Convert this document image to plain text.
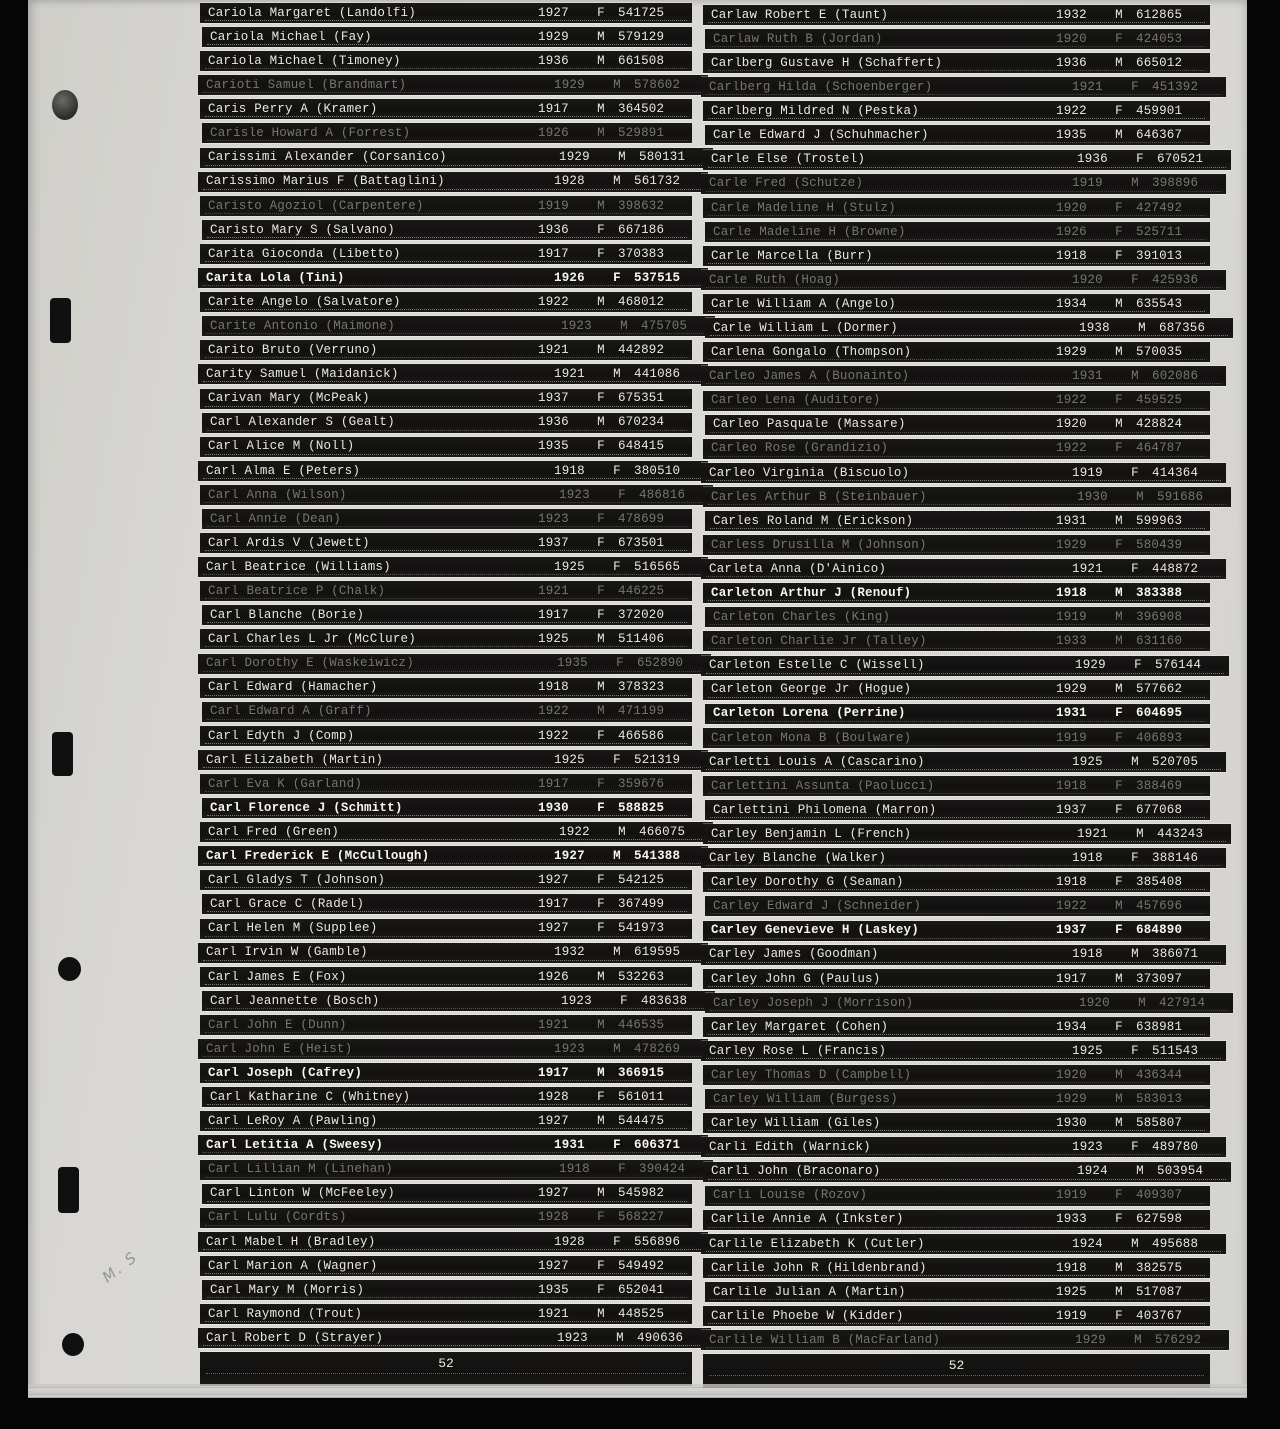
M. S
Cariola Margaret (Landolfi)	1927	F	541725
Cariola Michael (Fay)	1929	M	579129
Cariola Michael (Timoney)	1936	M	661508
Carioti Samuel (Brandmart)	1929	M	578602
Caris Perry A (Kramer)	1917	M	364502
Carisle Howard A (Forrest)	1926	M	529891
Carissimi Alexander (Corsanico)	1929	M	580131
Carissimo Marius F (Battaglini)	1928	M	561732
Caristo Agoziol (Carpentere)	1919	M	398632
Caristo Mary S (Salvano)	1936	F	667186
Carita Gioconda (Libetto)	1917	F	370383
Carita Lola (Tini)	1926	F	537515
Carite Angelo (Salvatore)	1922	M	468012
Carite Antonio (Maimone)	1923	M	475705
Carito Bruto (Verruno)	1921	M	442892
Carity Samuel (Maidanick)	1921	M	441086
Carivan Mary (McPeak)	1937	F	675351
Carl Alexander S (Gealt)	1936	M	670234
Carl Alice M (Noll)	1935	F	648415
Carl Alma E (Peters)	1918	F	380510
Carl Anna (Wilson)	1923	F	486816
Carl Annie (Dean)	1923	F	478699
Carl Ardis V (Jewett)	1937	F	673501
Carl Beatrice (Williams)	1925	F	516565
Carl Beatrice P (Chalk)	1921	F	446225
Carl Blanche (Borie)	1917	F	372020
Carl Charles L Jr (McClure)	1925	M	511406
Carl Dorothy E (Waskeiwicz)	1935	F	652890
Carl Edward (Hamacher)	1918	M	378323
Carl Edward A (Graff)	1922	M	471199
Carl Edyth J (Comp)	1922	F	466586
Carl Elizabeth (Martin)	1925	F	521319
Carl Eva K (Garland)	1917	F	359676
Carl Florence J (Schmitt)	1930	F	588825
Carl Fred (Green)	1922	M	466075
Carl Frederick E (McCullough)	1927	M	541388
Carl Gladys T (Johnson)	1927	F	542125
Carl Grace C (Radel)	1917	F	367499
Carl Helen M (Supplee)	1927	F	541973
Carl Irvin W (Gamble)	1932	M	619595
Carl James E (Fox)	1926	M	532263
Carl Jeannette (Bosch)	1923	F	483638
Carl John E (Dunn)	1921	M	446535
Carl John E (Heist)	1923	M	478269
Carl Joseph (Cafrey)	1917	M	366915
Carl Katharine C (Whitney)	1928	F	561011
Carl LeRoy A (Pawling)	1927	M	544475
Carl Letitia A (Sweesy)	1931	F	606371
Carl Lillian M (Linehan)	1918	F	390424
Carl Linton W (McFeeley)	1927	M	545982
Carl Lulu (Cordts)	1928	F	568227
Carl Mabel H (Bradley)	1928	F	556896
Carl Marion A (Wagner)	1927	F	549492
Carl Mary M (Morris)	1935	F	652041
Carl Raymond (Trout)	1921	M	448525
Carl Robert D (Strayer)	1923	M	490636
52
Carlaw Robert E (Taunt)	1932	M	612865
Carlaw Ruth B (Jordan)	1920	F	424053
Carlberg Gustave H (Schaffert)	1936	M	665012
Carlberg Hilda (Schoenberger)	1921	F	451392
Carlberg Mildred N (Pestka)	1922	F	459901
Carle Edward J (Schuhmacher)	1935	M	646367
Carle Else (Trostel)	1936	F	670521
Carle Fred (Schutze)	1919	M	398896
Carle Madeline H (Stulz)	1920	F	427492
Carle Madeline H (Browne)	1926	F	525711
Carle Marcella (Burr)	1918	F	391013
Carle Ruth (Hoag)	1920	F	425936
Carle William A (Angelo)	1934	M	635543
Carle William L (Dormer)	1938	M	687356
Carlena Gongalo (Thompson)	1929	M	570035
Carleo James A (Buonainto)	1931	M	602086
Carleo Lena (Auditore)	1922	F	459525
Carleo Pasquale (Massare)	1920	M	428824
Carleo Rose (Grandizio)	1922	F	464787
Carleo Virginia (Biscuolo)	1919	F	414364
Carles Arthur B (Steinbauer)	1930	M	591686
Carles Roland M (Erickson)	1931	M	599963
Carless Drusilla M (Johnson)	1929	F	580439
Carleta Anna (D'Ainico)	1921	F	448872
Carleton Arthur J (Renouf)	1918	M	383388
Carleton Charles (King)	1919	M	396908
Carleton Charlie Jr (Talley)	1933	M	631160
Carleton Estelle C (Wissell)	1929	F	576144
Carleton George Jr (Hogue)	1929	M	577662
Carleton Lorena (Perrine)	1931	F	604695
Carleton Mona B (Boulware)	1919	F	406893
Carletti Louis A (Cascarino)	1925	M	520705
Carlettini Assunta (Paolucci)	1918	F	388469
Carlettini Philomena (Marron)	1937	F	677068
Carley Benjamin L (French)	1921	M	443243
Carley Blanche (Walker)	1918	F	388146
Carley Dorothy G (Seaman)	1918	F	385408
Carley Edward J (Schneider)	1922	M	457696
Carley Genevieve H (Laskey)	1937	F	684890
Carley James (Goodman)	1918	M	386071
Carley John G (Paulus)	1917	M	373097
Carley Joseph J (Morrison)	1920	M	427914
Carley Margaret (Cohen)	1934	F	638981
Carley Rose L (Francis)	1925	F	511543
Carley Thomas D (Campbell)	1920	M	436344
Carley William (Burgess)	1929	M	583013
Carley William (Giles)	1930	M	585807
Carli Edith (Warnick)	1923	F	489780
Carli John (Braconaro)	1924	M	503954
Carli Louise (Rozov)	1919	F	409307
Carlile Annie A (Inkster)	1933	F	627598
Carlile Elizabeth K (Cutler)	1924	M	495688
Carlile John R (Hildenbrand)	1918	M	382575
Carlile Julian A (Martin)	1925	M	517087
Carlile Phoebe W (Kidder)	1919	F	403767
Carlile William B (MacFarland)	1929	M	576292
52
